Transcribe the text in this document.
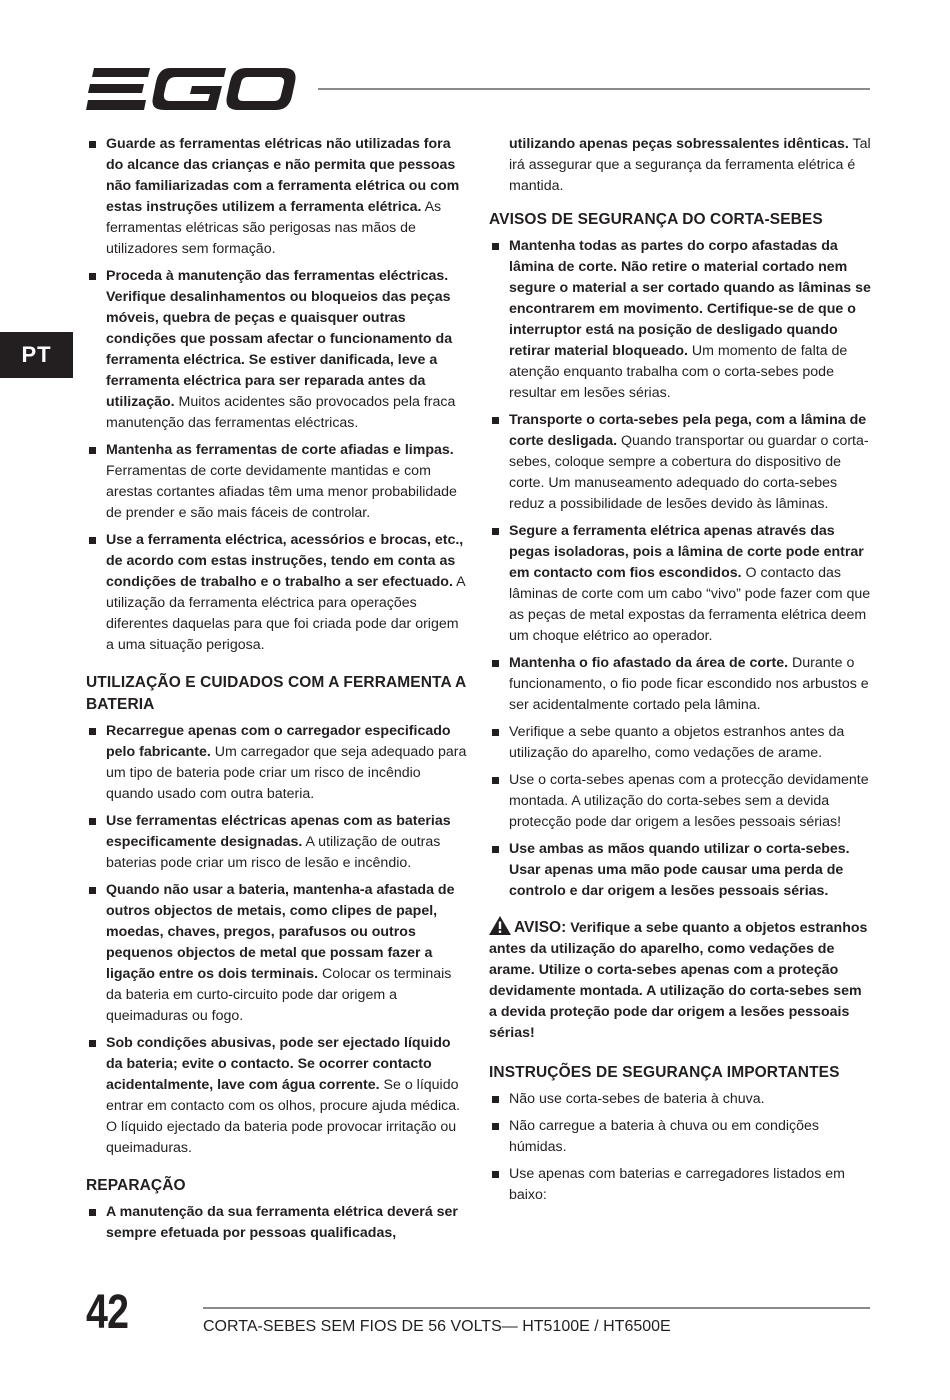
PT
Guarde as ferramentas elétricas não utilizadas fora do alcance das crianças e não permita que pessoas não familiarizadas com a ferramenta elétrica ou com estas instruções utilizem a ferramenta elétrica. As ferramentas elétricas são perigosas nas mãos de utilizadores sem formação.
Proceda à manutenção das ferramentas eléctricas. Verifique desalinhamentos ou bloqueios das peças móveis, quebra de peças e quaisquer outras condições que possam afectar o funcionamento da ferramenta eléctrica. Se estiver danificada, leve a ferramenta eléctrica para ser reparada antes da utilização. Muitos acidentes são provocados pela fraca manutenção das ferramentas eléctricas.
Mantenha as ferramentas de corte afiadas e limpas. Ferramentas de corte devidamente mantidas e com arestas cortantes afiadas têm uma menor probabilidade de prender e são mais fáceis de controlar.
Use a ferramenta eléctrica, acessórios e brocas, etc., de acordo com estas instruções, tendo em conta as condições de trabalho e o trabalho a ser efectuado. A utilização da ferramenta eléctrica para operações diferentes daquelas para que foi criada pode dar origem a uma situação perigosa.
UTILIZAÇÃO E CUIDADOS COM A FERRAMENTA A BATERIA
Recarregue apenas com o carregador especificado pelo fabricante. Um carregador que seja adequado para um tipo de bateria pode criar um risco de incêndio quando usado com outra bateria.
Use ferramentas eléctricas apenas com as baterias especificamente designadas. A utilização de outras baterias pode criar um risco de lesão e incêndio.
Quando não usar a bateria, mantenha-a afastada de outros objectos de metais, como clipes de papel, moedas, chaves, pregos, parafusos ou outros pequenos objectos de metal que possam fazer a ligação entre os dois terminais. Colocar os terminais da bateria em curto-circuito pode dar origem a queimaduras ou fogo.
Sob condições abusivas, pode ser ejectado líquido da bateria; evite o contacto. Se ocorrer contacto acidentalmente, lave com água corrente. Se o líquido entrar em contacto com os olhos, procure ajuda médica. O líquido ejectado da bateria pode provocar irritação ou queimaduras.
REPARAÇÃO
A manutenção da sua ferramenta elétrica deverá ser sempre efetuada por pessoas qualificadas,
utilizando apenas peças sobressalentes idênticas. Tal irá assegurar que a segurança da ferramenta elétrica é mantida.
AVISOS DE SEGURANÇA DO CORTA-SEBES
Mantenha todas as partes do corpo afastadas da lâmina de corte. Não retire o material cortado nem segure o material a ser cortado quando as lâminas se encontrarem em movimento. Certifique-se de que o interruptor está na posição de desligado quando retirar material bloqueado. Um momento de falta de atenção enquanto trabalha com o corta-sebes pode resultar em lesões sérias.
Transporte o corta-sebes pela pega, com a lâmina de corte desligada. Quando transportar ou guardar o corta-sebes, coloque sempre a cobertura do dispositivo de corte. Um manuseamento adequado do corta-sebes reduz a possibilidade de lesões devido às lâminas.
Segure a ferramenta elétrica apenas através das pegas isoladoras, pois a lâmina de corte pode entrar em contacto com fios escondidos. O contacto das lâminas de corte com um cabo “vivo” pode fazer com que as peças de metal expostas da ferramenta elétrica deem um choque elétrico ao operador.
Mantenha o fio afastado da área de corte. Durante o funcionamento, o fio pode ficar escondido nos arbustos e ser acidentalmente cortado pela lâmina.
Verifique a sebe quanto a objetos estranhos antes da utilização do aparelho, como vedações de arame.
Use o corta-sebes apenas com a protecção devidamente montada. A utilização do corta-sebes sem a devida protecção pode dar origem a lesões pessoais sérias!
Use ambas as mãos quando utilizar o corta-sebes. Usar apenas uma mão pode causar uma perda de controlo e dar origem a lesões pessoais sérias.
AVISO: Verifique a sebe quanto a objetos estranhos antes da utilização do aparelho, como vedações de arame. Utilize o corta-sebes apenas com a proteção devidamente montada. A utilização do corta-sebes sem a devida proteção pode dar origem a lesões pessoais sérias!
INSTRUÇÕES DE SEGURANÇA IMPORTANTES
Não use corta-sebes de bateria à chuva.
Não carregue a bateria à chuva ou em condições húmidas.
Use apenas com baterias e carregadores listados em baixo:
42	CORTA-SEBES SEM FIOS DE 56 VOLTS— HT5100E / HT6500E
